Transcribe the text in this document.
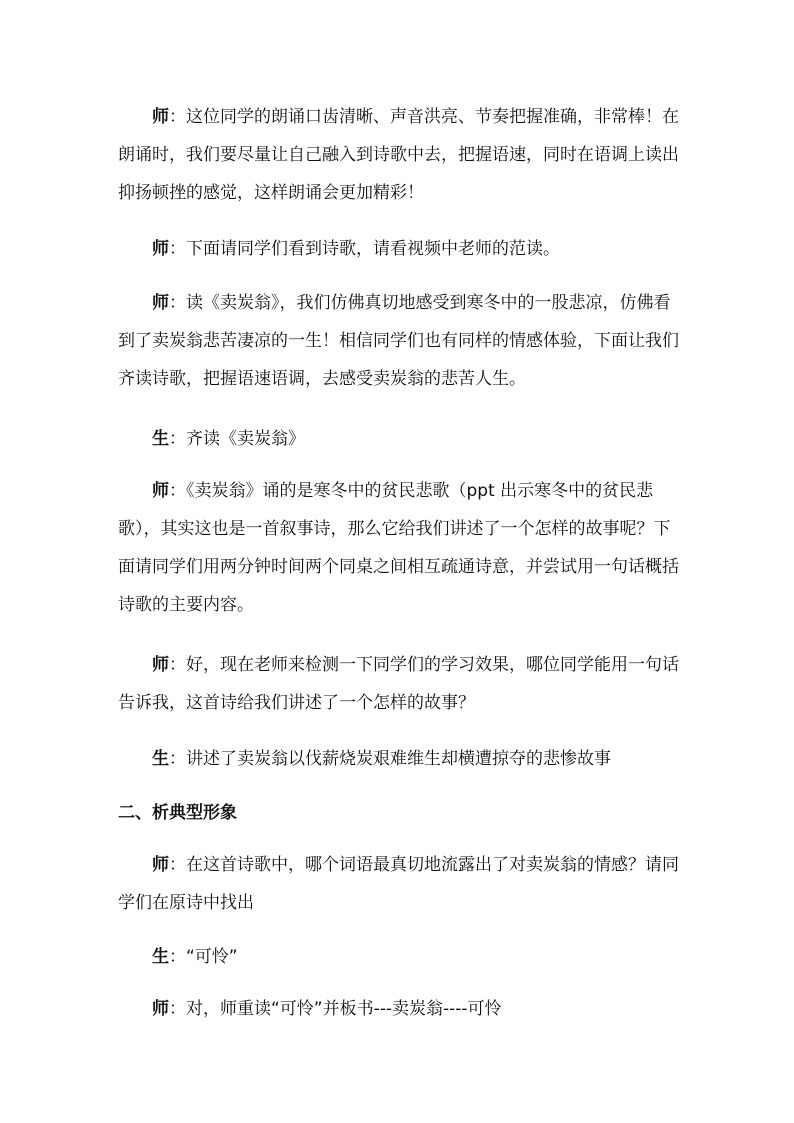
师：这位同学的朗诵口齿清晰、声音洪亮、节奏把握准确，非常棒！在朗诵时，我们要尽量让自己融入到诗歌中去，把握语速，同时在语调上读出抑扬顿挫的感觉，这样朗诵会更加精彩！

师：下面请同学们看到诗歌，请看视频中老师的范读。

师：读《卖炭翁》，我们仿佛真切地感受到寒冬中的一股悲凉，仿佛看到了卖炭翁悲苦凄凉的一生！相信同学们也有同样的情感体验，下面让我们齐读诗歌，把握语速语调，去感受卖炭翁的悲苦人生。

生：齐读《卖炭翁》

师：《卖炭翁》诵的是寒冬中的贫民悲歌（ppt 出示寒冬中的贫民悲歌），其实这也是一首叙事诗，那么它给我们讲述了一个怎样的故事呢？下面请同学们用两分钟时间两个同桌之间相互疏通诗意，并尝试用一句话概括诗歌的主要内容。

师：好，现在老师来检测一下同学们的学习效果，哪位同学能用一句话告诉我，这首诗给我们讲述了一个怎样的故事？

生：讲述了卖炭翁以伐薪烧炭艰难维生却横遭掠夺的悲惨故事

二、析典型形象

师：在这首诗歌中，哪个词语最真切地流露出了对卖炭翁的情感？请同学们在原诗中找出

生：“可怜”

师：对，师重读“可怜”并板书---卖炭翁----可怜
